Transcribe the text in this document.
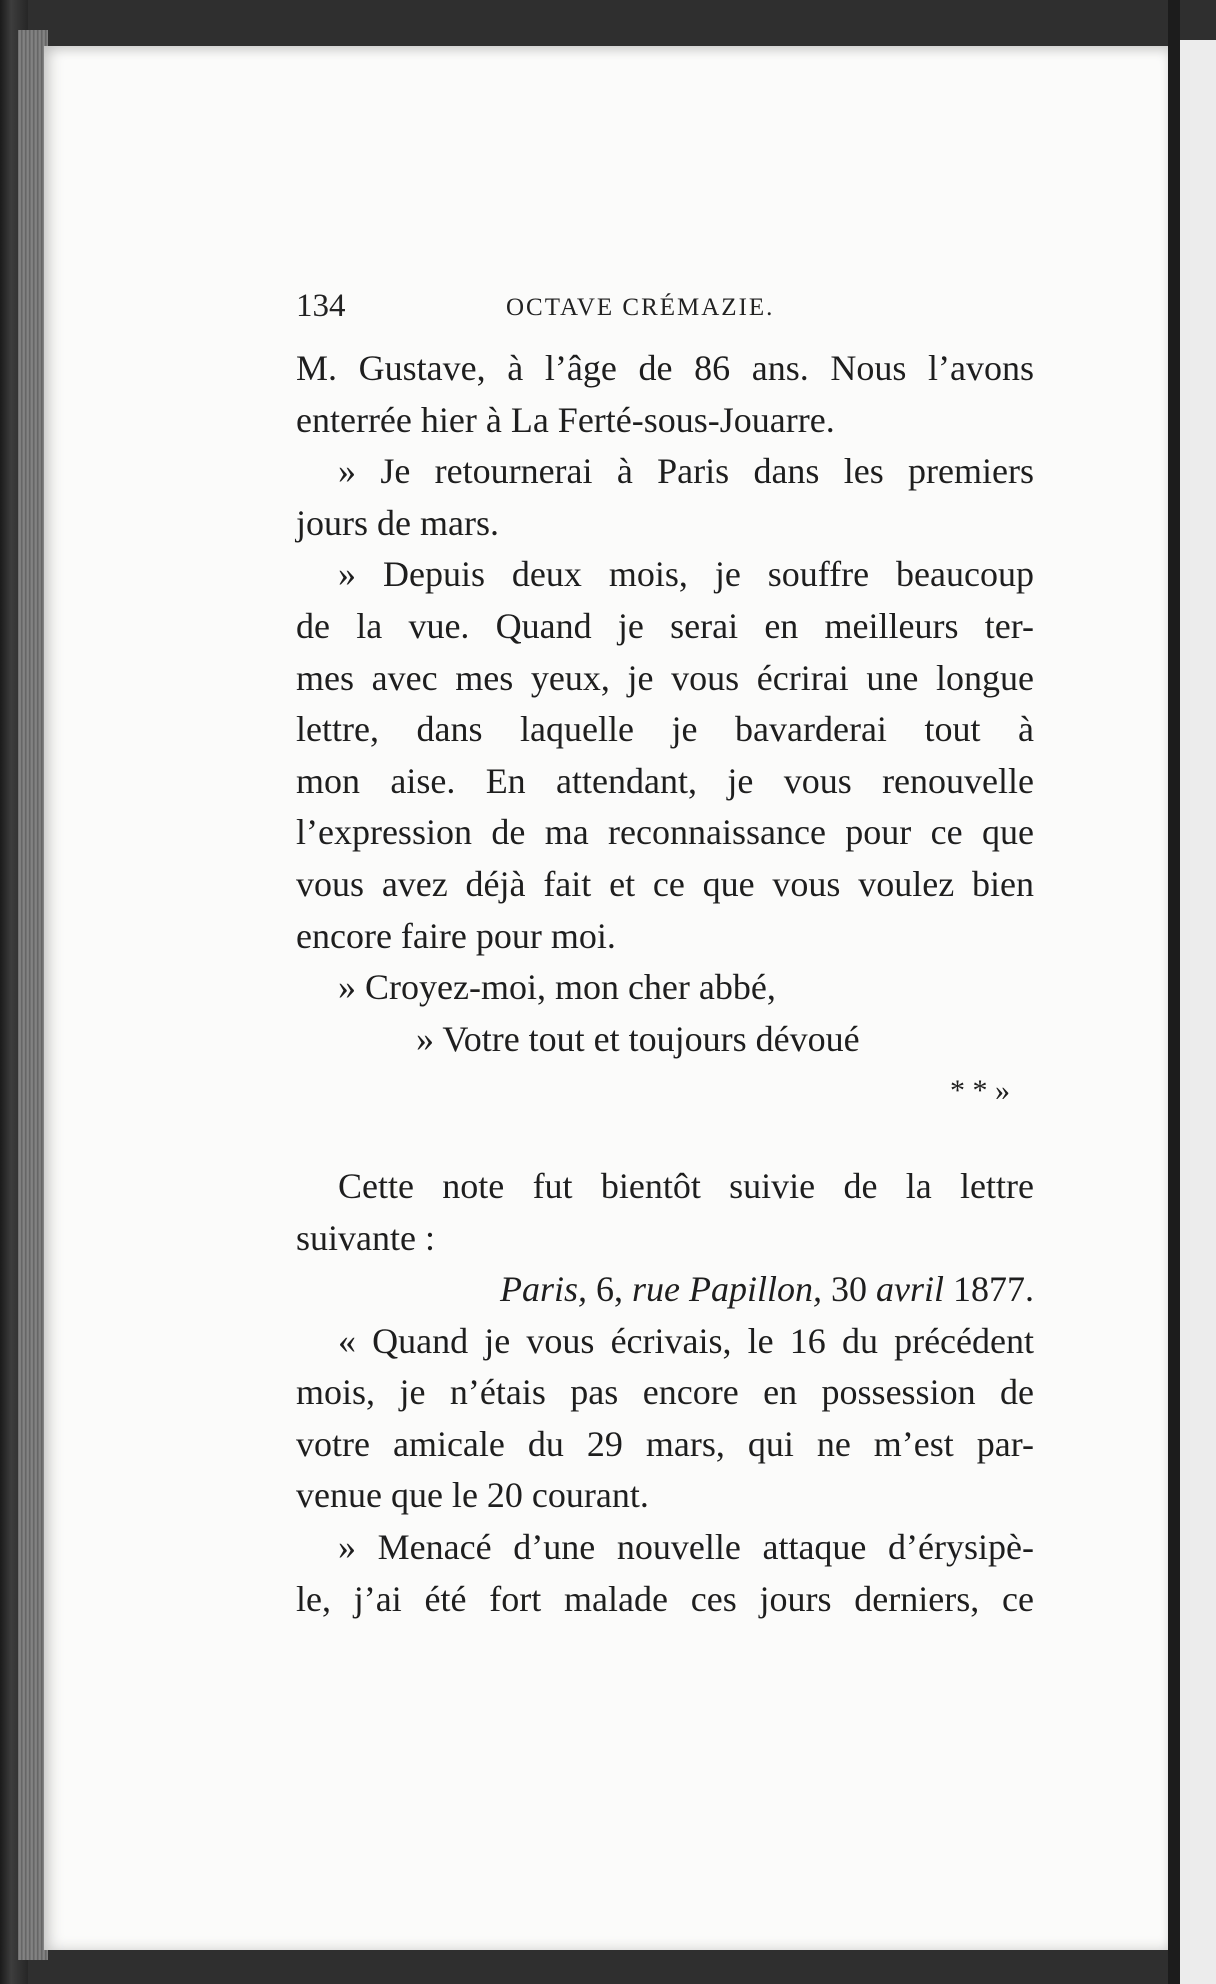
134	OCTAVE CRÉMAZIE.
M. Gustave, à l’âge de 86 ans. Nous l’avons
enterrée hier à La Ferté-sous-Jouarre.
» Je retournerai à Paris dans les premiers
jours de mars.
» Depuis deux mois, je souffre beaucoup
de la vue. Quand je serai en meilleurs ter-
mes avec mes yeux, je vous écrirai une longue
lettre, dans laquelle je bavarderai tout à
mon aise. En attendant, je vous renouvelle
l’expression de ma reconnaissance pour ce que
vous avez déjà fait et ce que vous voulez bien
encore faire pour moi.
» Croyez-moi, mon cher abbé,
» Votre tout et toujours dévoué
* * »
Cette note fut bientôt suivie de la lettre
suivante :
Paris, 6, rue Papillon, 30 avril 1877.
« Quand je vous écrivais, le 16 du précédent
mois, je n’étais pas encore en possession de
votre amicale du 29 mars, qui ne m’est par-
venue que le 20 courant.
» Menacé d’une nouvelle attaque d’érysipè-
le, j’ai été fort malade ces jours derniers, ce
